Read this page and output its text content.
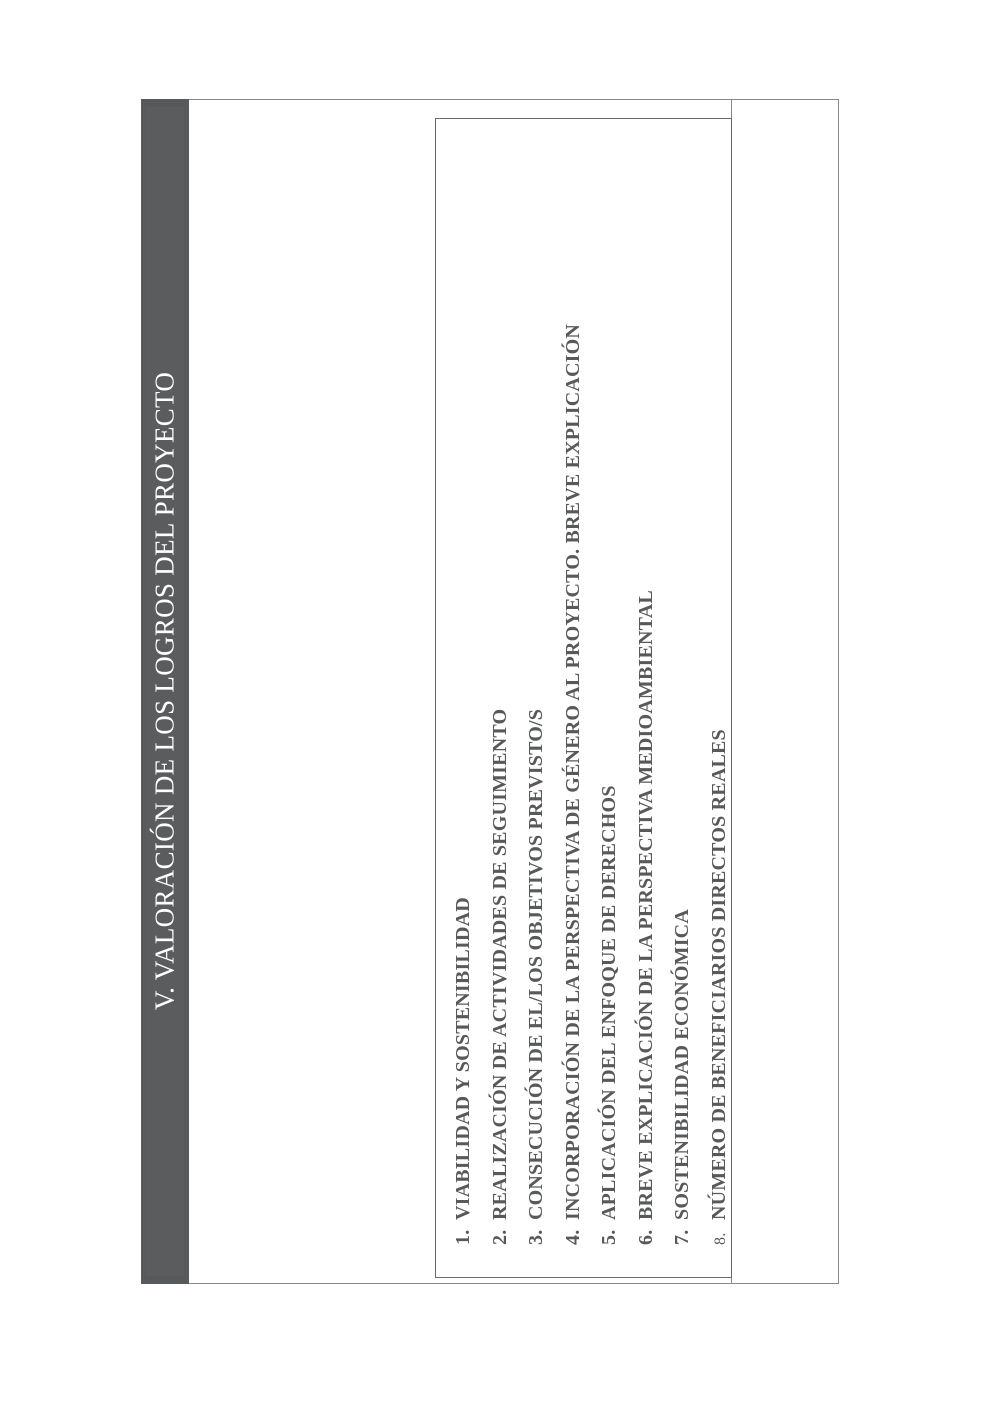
V. VALORACIÓN DE LOS LOGROS DEL PROYECTO
1.VIABILIDAD Y SOSTENIBILIDAD
2.REALIZACIÓN DE ACTIVIDADES DE SEGUIMIENTO
3.CONSECUCIÓN DE EL/LOS OBJETIVOS PREVISTO/S
4.INCORPORACIÓN DE LA PERSPECTIVA DE GÉNERO AL PROYECTO. BREVE EXPLICACIÓN
5.APLICACIÓN DEL ENFOQUE DE DERECHOS
6.BREVE EXPLICACIÓN DE LA PERSPECTIVA MEDIOAMBIENTAL
7.SOSTENIBILIDAD ECONÓMICA
8.NÚMERO DE BENEFICIARIOS DIRECTOS REALES
